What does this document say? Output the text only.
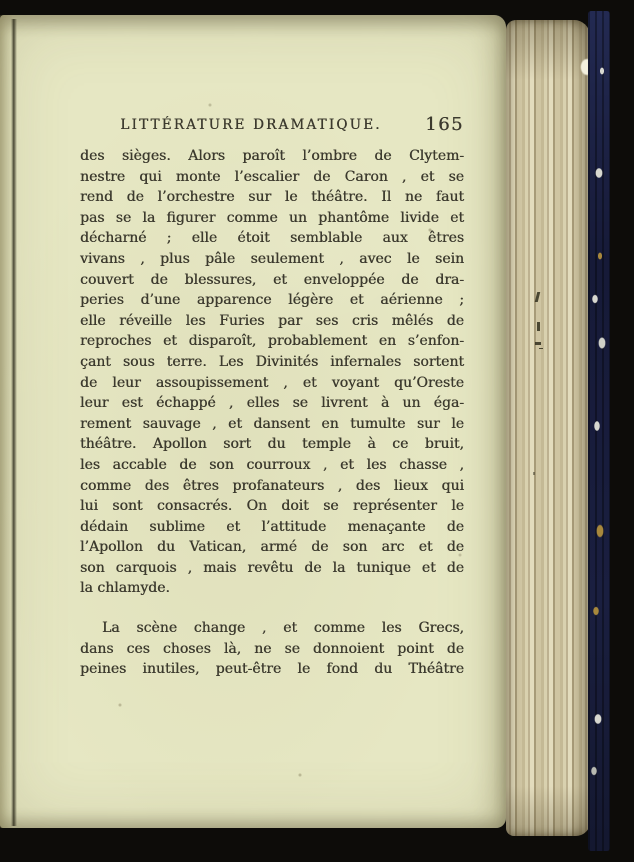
LITTÉRATURE DRAMATIQUE. 165
des sièges. Alors paroît l’ombre de Clytem-
nestre qui monte l’escalier de Caron , et se
rend de l’orchestre sur le théâtre. Il ne faut
pas se la figurer comme un phantôme livide et
décharné ; elle étoit semblable aux êtres
vivans , plus pâle seulement , avec le sein
couvert de blessures, et enveloppée de dra-
peries d’une apparence légère et aérienne ;
elle réveille les Furies par ses cris mêlés de
reproches et disparoît, probablement en s’enfon-
çant sous terre. Les Divinités infernales sortent
de leur assoupissement , et voyant qu’Oreste
leur est échappé , elles se livrent à un éga-
rement sauvage , et dansent en tumulte sur le
théâtre. Apollon sort du temple à ce bruit,
les accable de son courroux , et les chasse ,
comme des êtres profanateurs , des lieux qui
lui sont consacrés. On doit se représenter le
dédain sublime et l’attitude menaçante de
l’Apollon du Vatican, armé de son arc et de
son carquois , mais revêtu de la tunique et de
la chlamyde.
La scène change , et comme les Grecs,
dans ces choses là, ne se donnoient point de
peines inutiles, peut-être le fond du Théâtre
